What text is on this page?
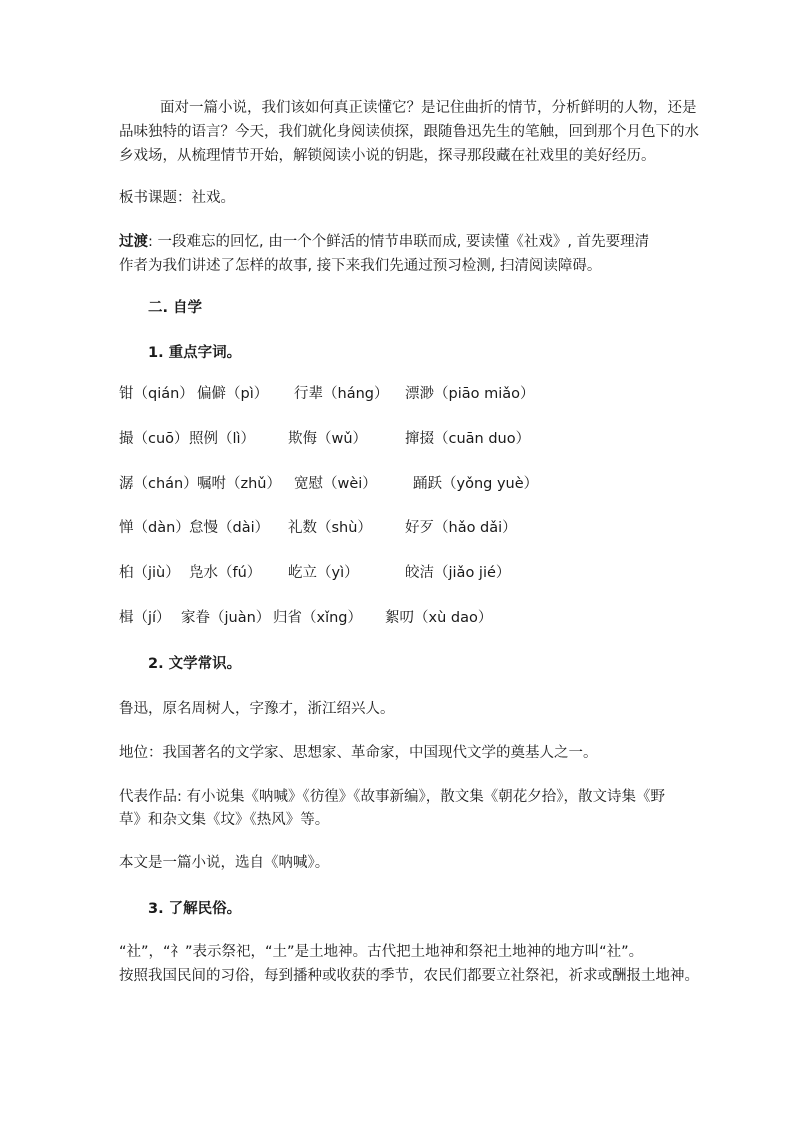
面对一篇小说，我们该如何真正读懂它？是记住曲折的情节，分析鲜明的人物，还是
品味独特的语言？今天，我们就化身阅读侦探，跟随鲁迅先生的笔触，回到那个月色下的水
乡戏场，从梳理情节开始，解锁阅读小说的钥匙，探寻那段藏在社戏里的美好经历。
板书课题：社戏。
过渡: 一段难忘的回忆, 由一个个鲜活的情节串联而成, 要读懂《社戏》, 首先要理清
作者为我们讲述了怎样的故事, 接下来我们先通过预习检测, 扫清阅读障碍。
二. 自学
1. 重点字词。
钳（qián） 偏僻（pì） 行辈（háng） 漂渺（piāo miǎo）
撮（cuō） 照例（lì） 欺侮（wǔ）	撺掇（cuān duo）
潺（chán） 嘱咐（zhǔ） 宽慰（wèi） 踊跃（yǒng yuè）
惮（dàn） 怠慢（dài） 礼数（shù） 好歹（hǎo dǎi）
桕（jiù） 凫水（fú） 屹立（yì）	皎洁（jiǎo jié）
楫（jí） 家眷（juàn） 归省（xǐng） 絮叨（xù dao）
2. 文学常识。
鲁迅，原名周树人，字豫才，浙江绍兴人。
地位：我国著名的文学家、思想家、革命家，中国现代文学的奠基人之一。
代表作品: 有小说集《呐喊》《彷徨》《故事新编》，散文集《朝花夕拾》，散文诗集《野
草》和杂文集《坟》《热风》等。
本文是一篇小说，选自《呐喊》。
3. 了解民俗。
“社”，“礻”表示祭祀，“土”是土地神。古代把土地神和祭祀土地神的地方叫“社”。
按照我国民间的习俗，每到播种或收获的季节，农民们都要立社祭祀，祈求或酬报土地神。
